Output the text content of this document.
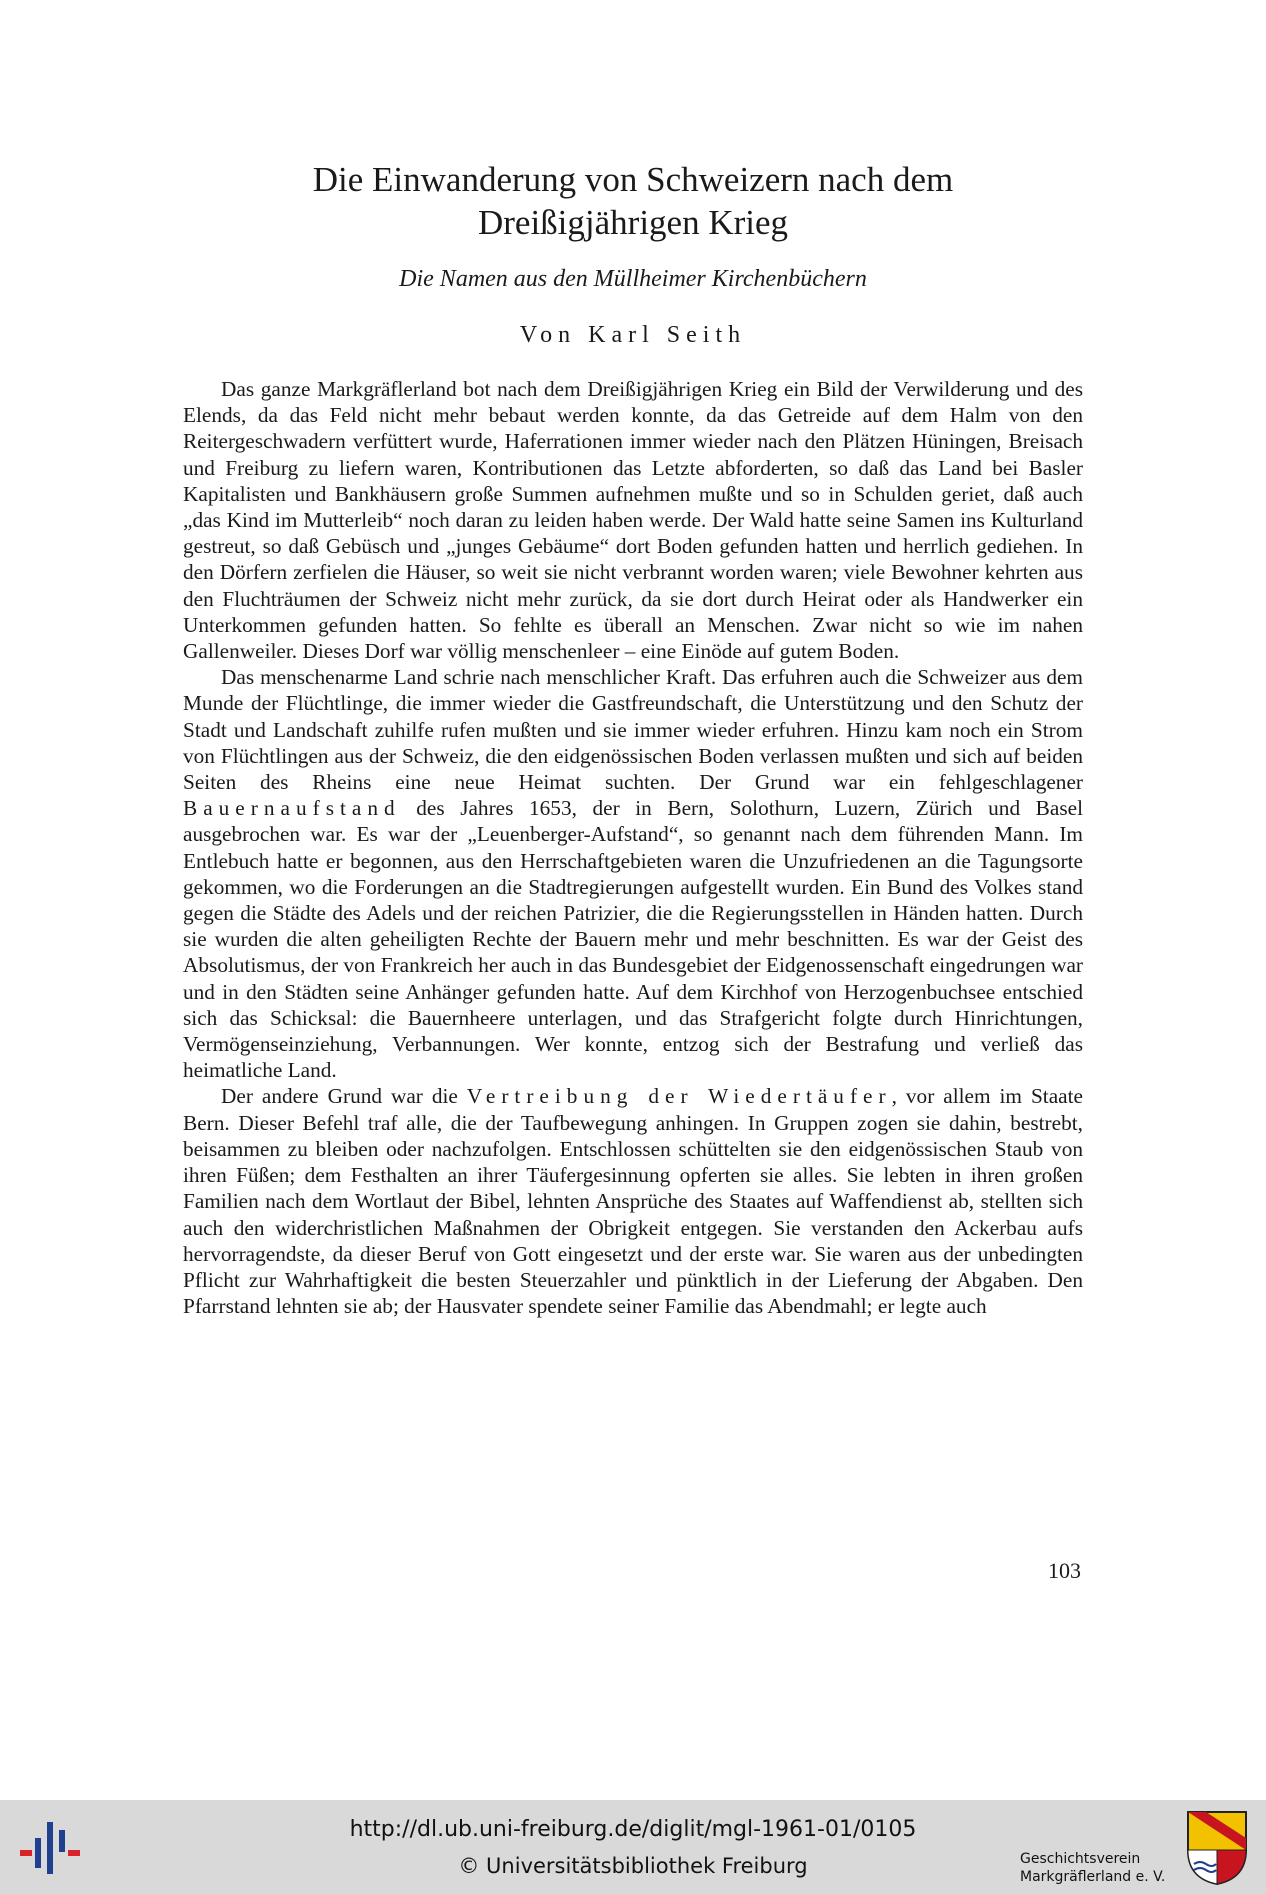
Die Einwanderung von Schweizern nach dem
Dreißigjährigen Krieg

Die Namen aus den Müllheimer Kirchenbüchern

Von Karl Seith

Das ganze Markgräflerland bot nach dem Dreißigjährigen Krieg ein Bild der Verwilderung und des Elends, da das Feld nicht mehr bebaut werden konnte, da das Getreide auf dem Halm von den Reitergeschwadern verfüttert wurde, Haferrationen immer wieder nach den Plätzen Hüningen, Breisach und Freiburg zu liefern waren, Kontributionen das Letzte abforderten, so daß das Land bei Basler Kapitalisten und Bankhäusern große Summen aufnehmen mußte und so in Schulden geriet, daß auch „das Kind im Mutterleib“ noch daran zu leiden haben werde. Der Wald hatte seine Samen ins Kulturland gestreut, so daß Gebüsch und „junges Gebäume“ dort Boden gefunden hatten und herrlich gediehen. In den Dörfern zerfielen die Häuser, so weit sie nicht verbrannt worden waren; viele Bewohner kehrten aus den Fluchträumen der Schweiz nicht mehr zurück, da sie dort durch Heirat oder als Handwerker ein Unterkommen gefunden hatten. So fehlte es überall an Menschen. Zwar nicht so wie im nahen Gallenweiler. Dieses Dorf war völlig menschenleer – eine Einöde auf gutem Boden.

Das menschenarme Land schrie nach menschlicher Kraft. Das erfuhren auch die Schweizer aus dem Munde der Flüchtlinge, die immer wieder die Gastfreundschaft, die Unterstützung und den Schutz der Stadt und Landschaft zuhilfe rufen mußten und sie immer wieder erfuhren. Hinzu kam noch ein Strom von Flüchtlingen aus der Schweiz, die den eidgenössischen Boden verlassen mußten und sich auf beiden Seiten des Rheins eine neue Heimat suchten. Der Grund war ein fehlgeschlagener Bauernaufstand des Jahres 1653, der in Bern, Solothurn, Luzern, Zürich und Basel ausgebrochen war. Es war der „Leuenberger-Aufstand“, so genannt nach dem führenden Mann. Im Entlebuch hatte er begonnen, aus den Herrschaftgebieten waren die Unzufriedenen an die Tagungsorte gekommen, wo die Forderungen an die Stadtregierungen aufgestellt wurden. Ein Bund des Volkes stand gegen die Städte des Adels und der reichen Patrizier, die die Regierungsstellen in Händen hatten. Durch sie wurden die alten geheiligten Rechte der Bauern mehr und mehr beschnitten. Es war der Geist des Absolutismus, der von Frankreich her auch in das Bundesgebiet der Eidgenossenschaft eingedrungen war und in den Städten seine Anhänger gefunden hatte. Auf dem Kirchhof von Herzogenbuchsee entschied sich das Schicksal: die Bauernheere unterlagen, und das Strafgericht folgte durch Hinrichtungen, Vermögenseinziehung, Verbannungen. Wer konnte, entzog sich der Bestrafung und verließ das heimatliche Land.

Der andere Grund war die Vertreibung der Wiedertäufer, vor allem im Staate Bern. Dieser Befehl traf alle, die der Taufbewegung anhingen. In Gruppen zogen sie dahin, bestrebt, beisammen zu bleiben oder nachzufolgen. Entschlossen schüttelten sie den eidgenössischen Staub von ihren Füßen; dem Festhalten an ihrer Täufergesinnung opferten sie alles. Sie lebten in ihren großen Familien nach dem Wortlaut der Bibel, lehnten Ansprüche des Staates auf Waffendienst ab, stellten sich auch den widerchristlichen Maßnahmen der Obrigkeit entgegen. Sie verstanden den Ackerbau aufs hervorragendste, da dieser Beruf von Gott eingesetzt und der erste war. Sie waren aus der unbedingten Pflicht zur Wahrhaftigkeit die besten Steuerzahler und pünktlich in der Lieferung der Abgaben. Den Pfarrstand lehnten sie ab; der Hausvater spendete seiner Familie das Abendmahl; er legte auch

103
http://dl.ub.uni-freiburg.de/diglit/mgl-1961-01/0105
© Universitätsbibliothek Freiburg	Geschichtsverein
Markgräflerland e. V.
